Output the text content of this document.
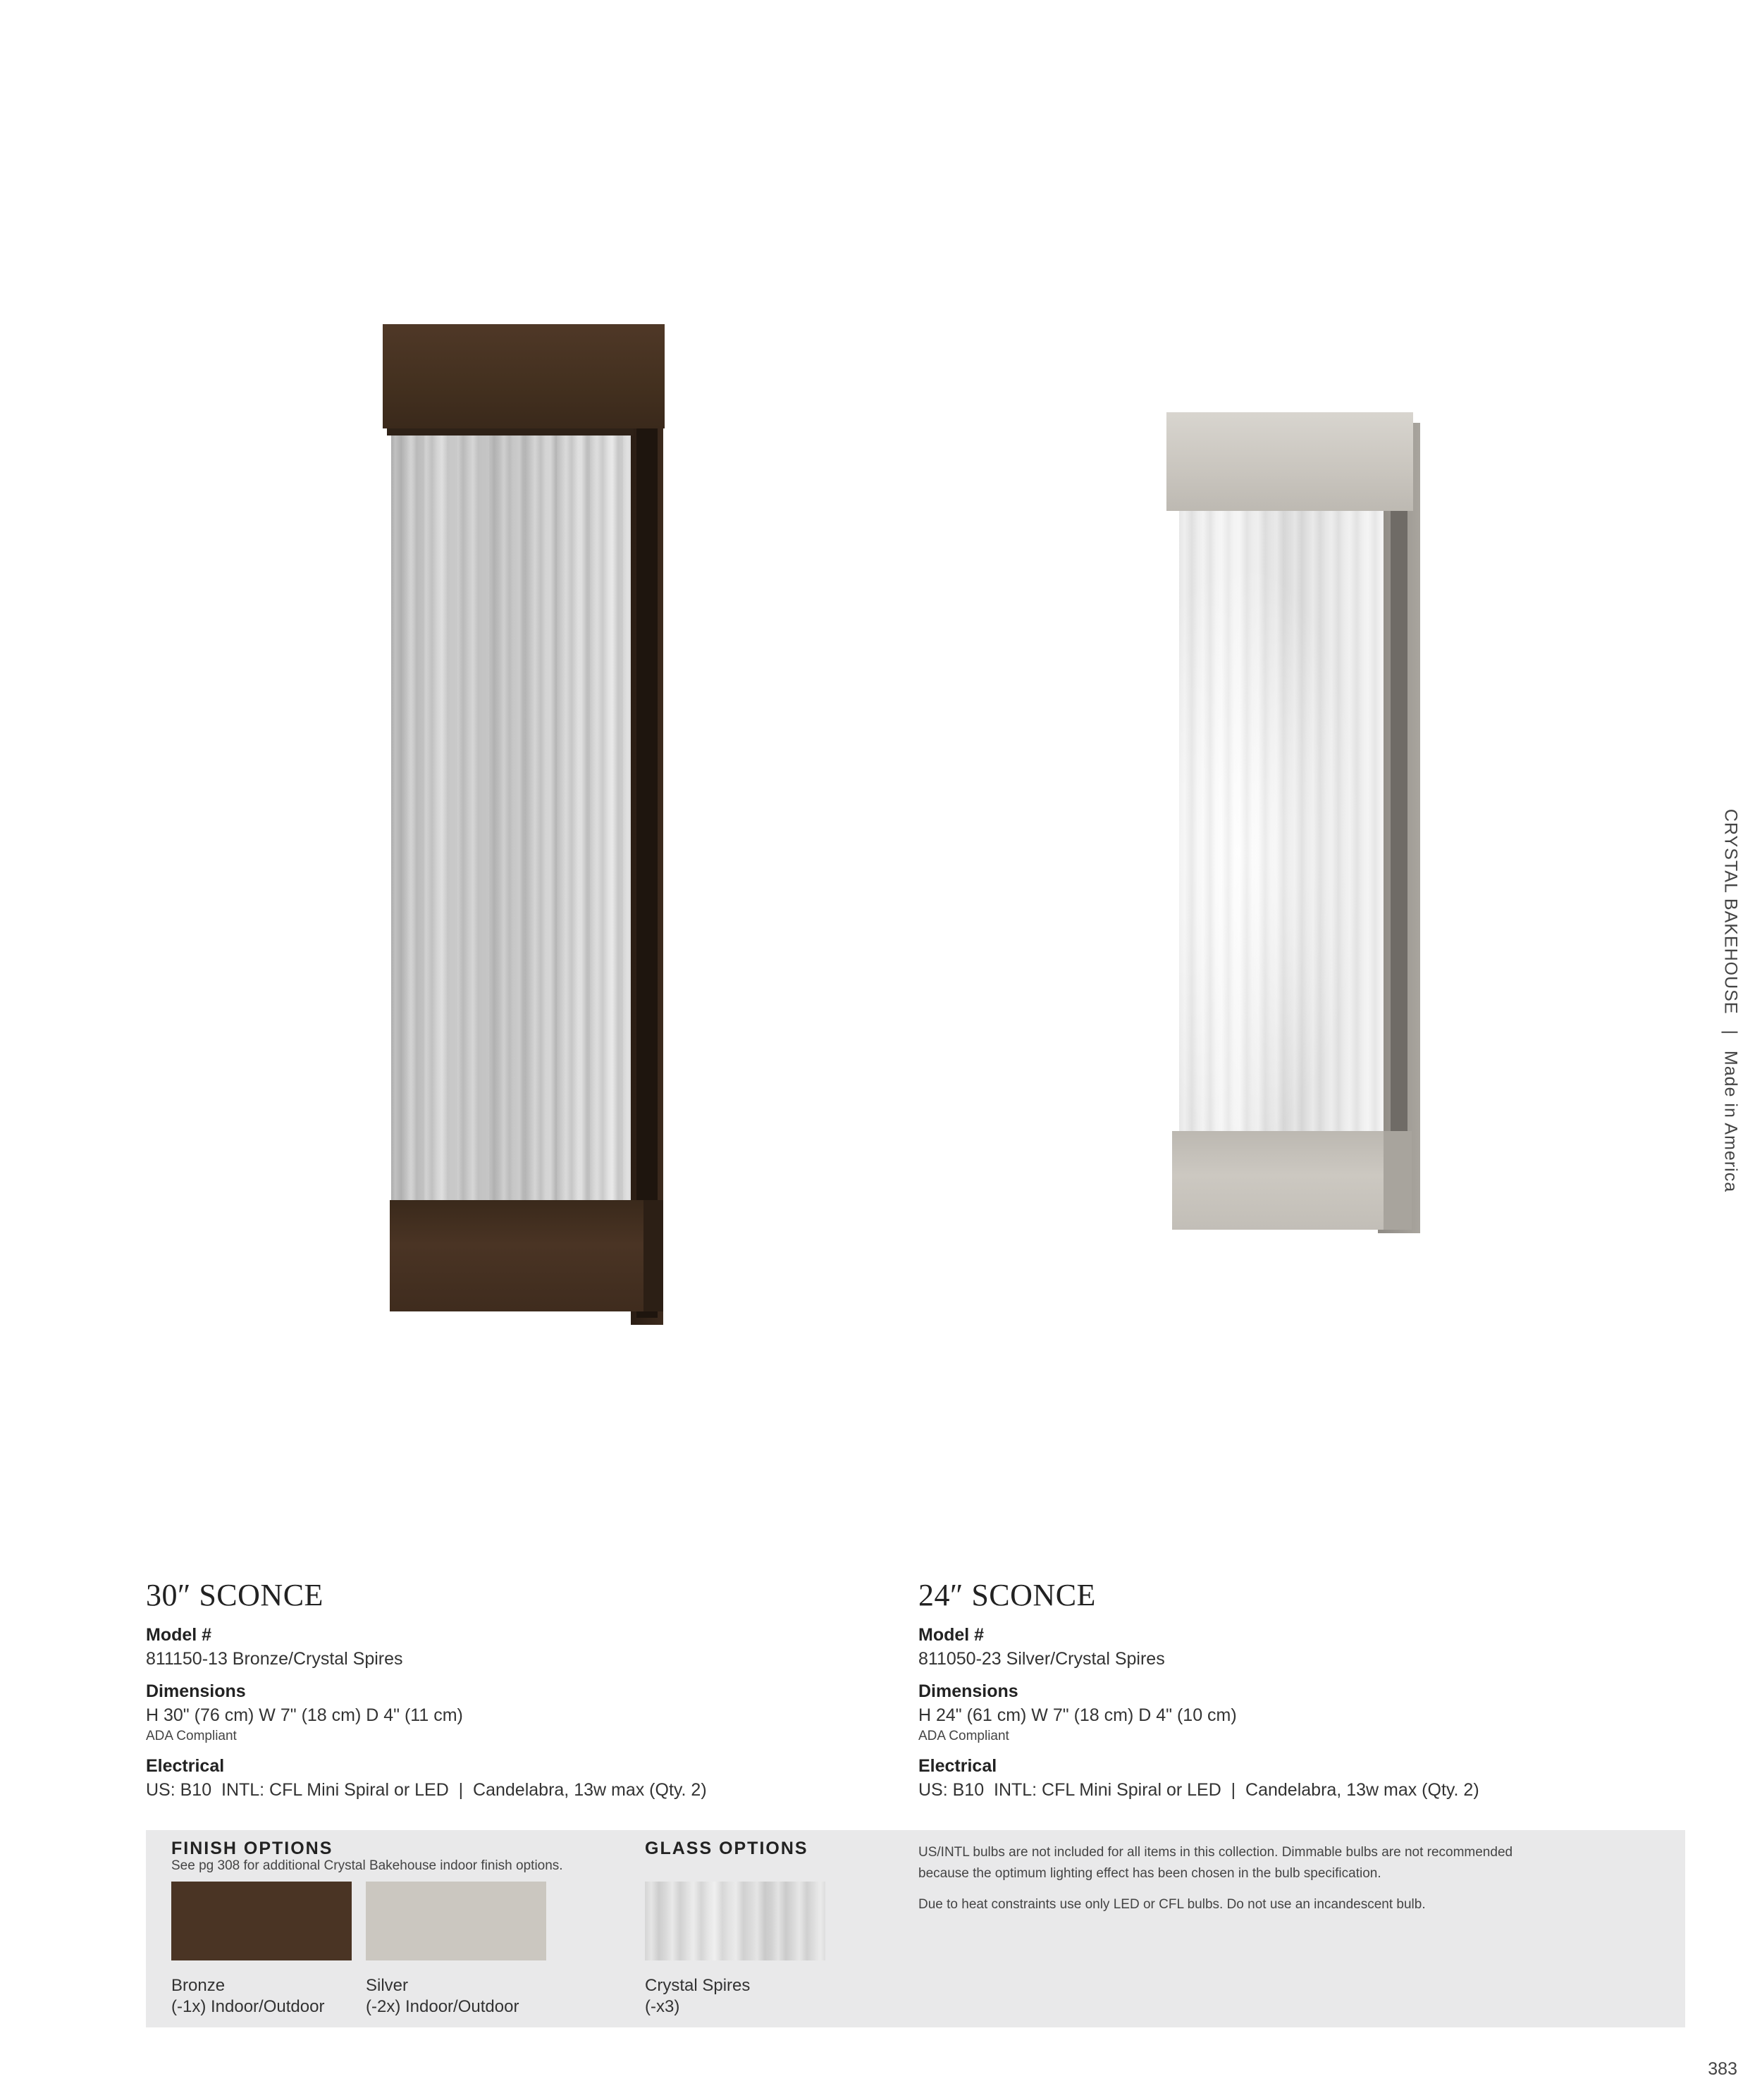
CRYSTAL BAKEHOUSE | Made in America
30″ SCONCE

Model #

811150-13 Bronze/Crystal Spires

Dimensions

H 30" (76 cm) W 7" (18 cm) D 4" (11 cm)

ADA Compliant

Electrical

US: B10  INTL: CFL Mini Spiral or LED  |  Candelabra, 13w max (Qty. 2)

24″ SCONCE

Model #

811050-23 Silver/Crystal Spires

Dimensions

H 24" (61 cm) W 7" (18 cm) D 4" (10 cm)

ADA Compliant

Electrical

US: B10  INTL: CFL Mini Spiral or LED  |  Candelabra, 13w max (Qty. 2)

FINISH OPTIONS
See pg 308 for additional Crystal Bakehouse indoor finish options.
Bronze
(-1x) Indoor/Outdoor
Silver
(-2x) Indoor/Outdoor
GLASS OPTIONS
Crystal Spires
(-x3)
US/INTL bulbs are not included for all items in this collection. Dimmable bulbs are not recommended because the optimum lighting effect has been chosen in the bulb specification.
Due to heat constraints use only LED or CFL bulbs. Do not use an incandescent bulb.
383
